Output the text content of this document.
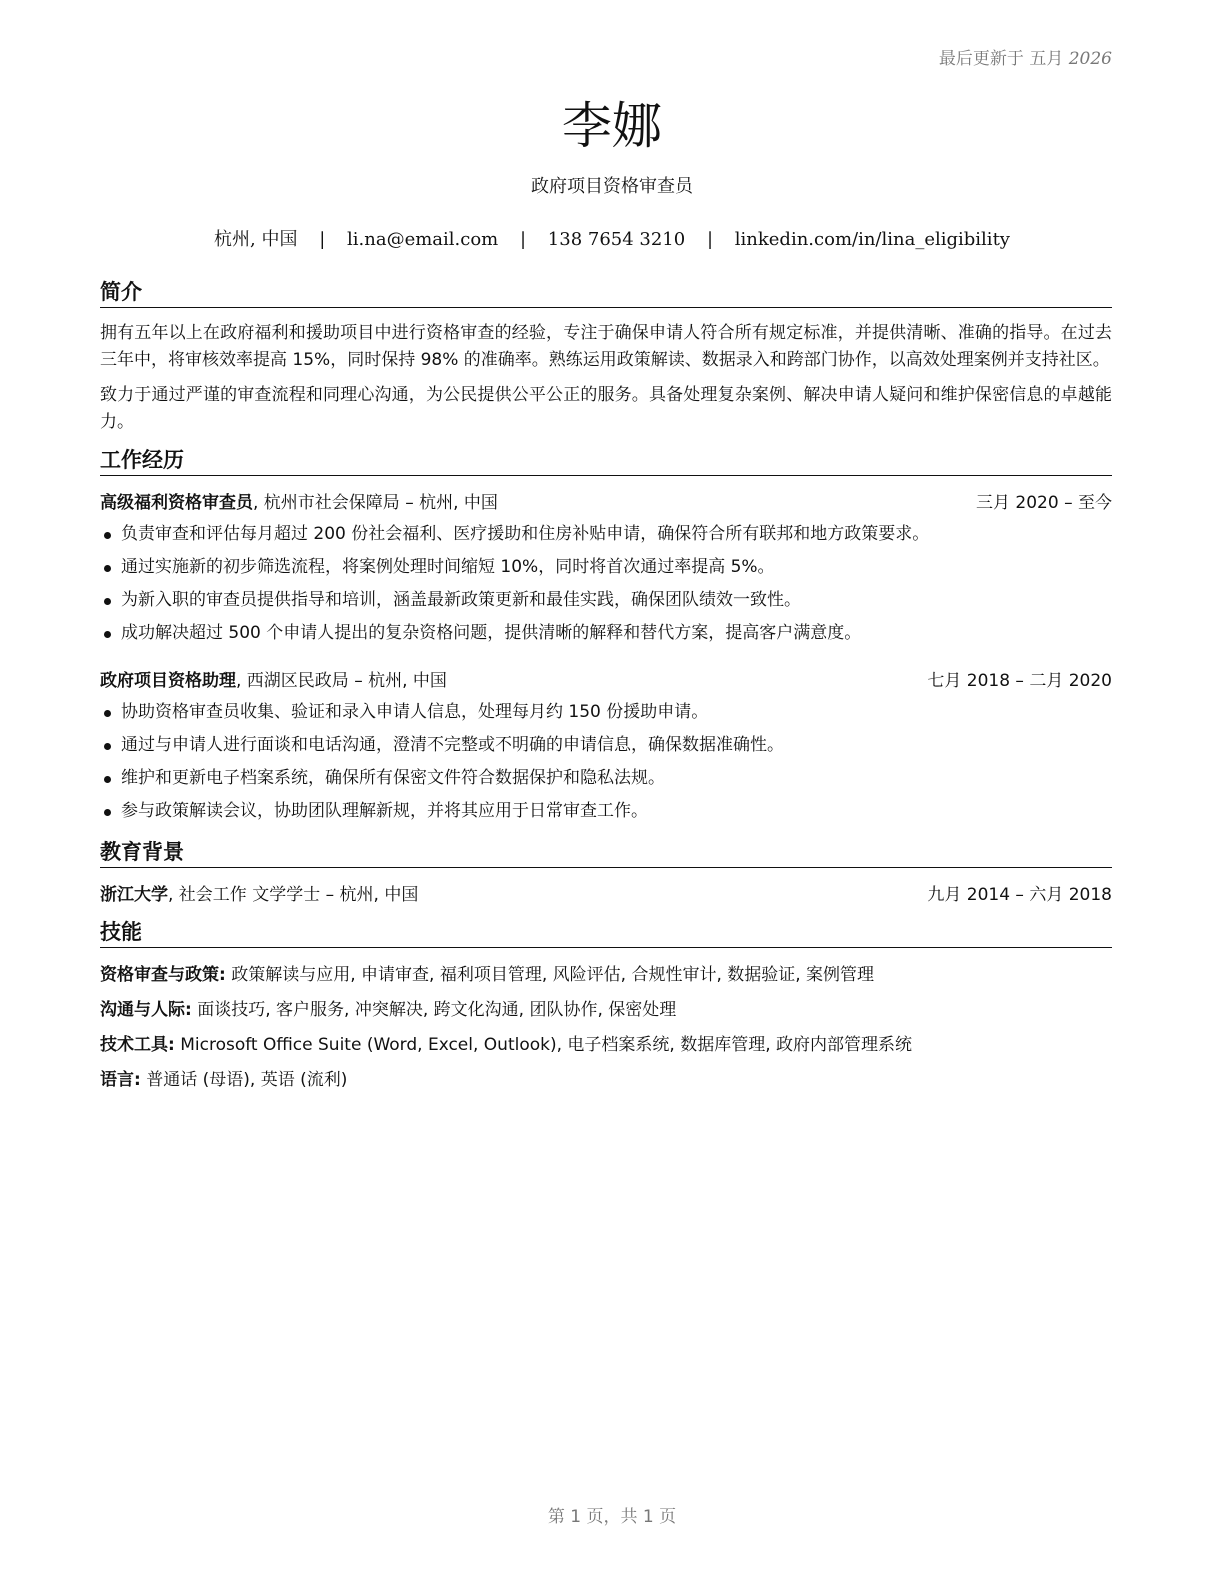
最后更新于 五月 2026
李娜
政府项目资格审查员
杭州, 中国 | li.na@email.com | 138 7654 3210 | linkedin.com/in/lina_eligibility
简介

拥有五年以上在政府福利和援助项目中进行资格审查的经验，专注于确保申请人符合所有规定标准，并提供清晰、准确的指导。在过去三年中，将审核效率提高 15%，同时保持 98% 的准确率。熟练运用政策解读、数据录入和跨部门协作，以高效处理案例并支持社区。

致力于通过严谨的审查流程和同理心沟通，为公民提供公平公正的服务。具备处理复杂案例、解决申请人疑问和维护保密信息的卓越能力。

工作经历
高级福利资格审查员, 杭州市社会保障局 – 杭州, 中国	三月 2020 – 至今
负责审查和评估每月超过 200 份社会福利、医疗援助和住房补贴申请，确保符合所有联邦和地方政策要求。
通过实施新的初步筛选流程，将案例处理时间缩短 10%，同时将首次通过率提高 5%。
为新入职的审查员提供指导和培训，涵盖最新政策更新和最佳实践，确保团队绩效一致性。
成功解决超过 500 个申请人提出的复杂资格问题，提供清晰的解释和替代方案，提高客户满意度。
政府项目资格助理, 西湖区民政局 – 杭州, 中国	七月 2018 – 二月 2020
协助资格审查员收集、验证和录入申请人信息，处理每月约 150 份援助申请。
通过与申请人进行面谈和电话沟通，澄清不完整或不明确的申请信息，确保数据准确性。
维护和更新电子档案系统，确保所有保密文件符合数据保护和隐私法规。
参与政策解读会议，协助团队理解新规，并将其应用于日常审查工作。
教育背景
浙江大学, 社会工作 文学学士 – 杭州, 中国	九月 2014 – 六月 2018
技能
资格审查与政策: 政策解读与应用, 申请审查, 福利项目管理, 风险评估, 合规性审计, 数据验证, 案例管理
沟通与人际: 面谈技巧, 客户服务, 冲突解决, 跨文化沟通, 团队协作, 保密处理
技术工具: Microsoft Office Suite (Word, Excel, Outlook), 电子档案系统, 数据库管理, 政府内部管理系统
语言: 普通话 (母语), 英语 (流利)
第 1 页，共 1 页
